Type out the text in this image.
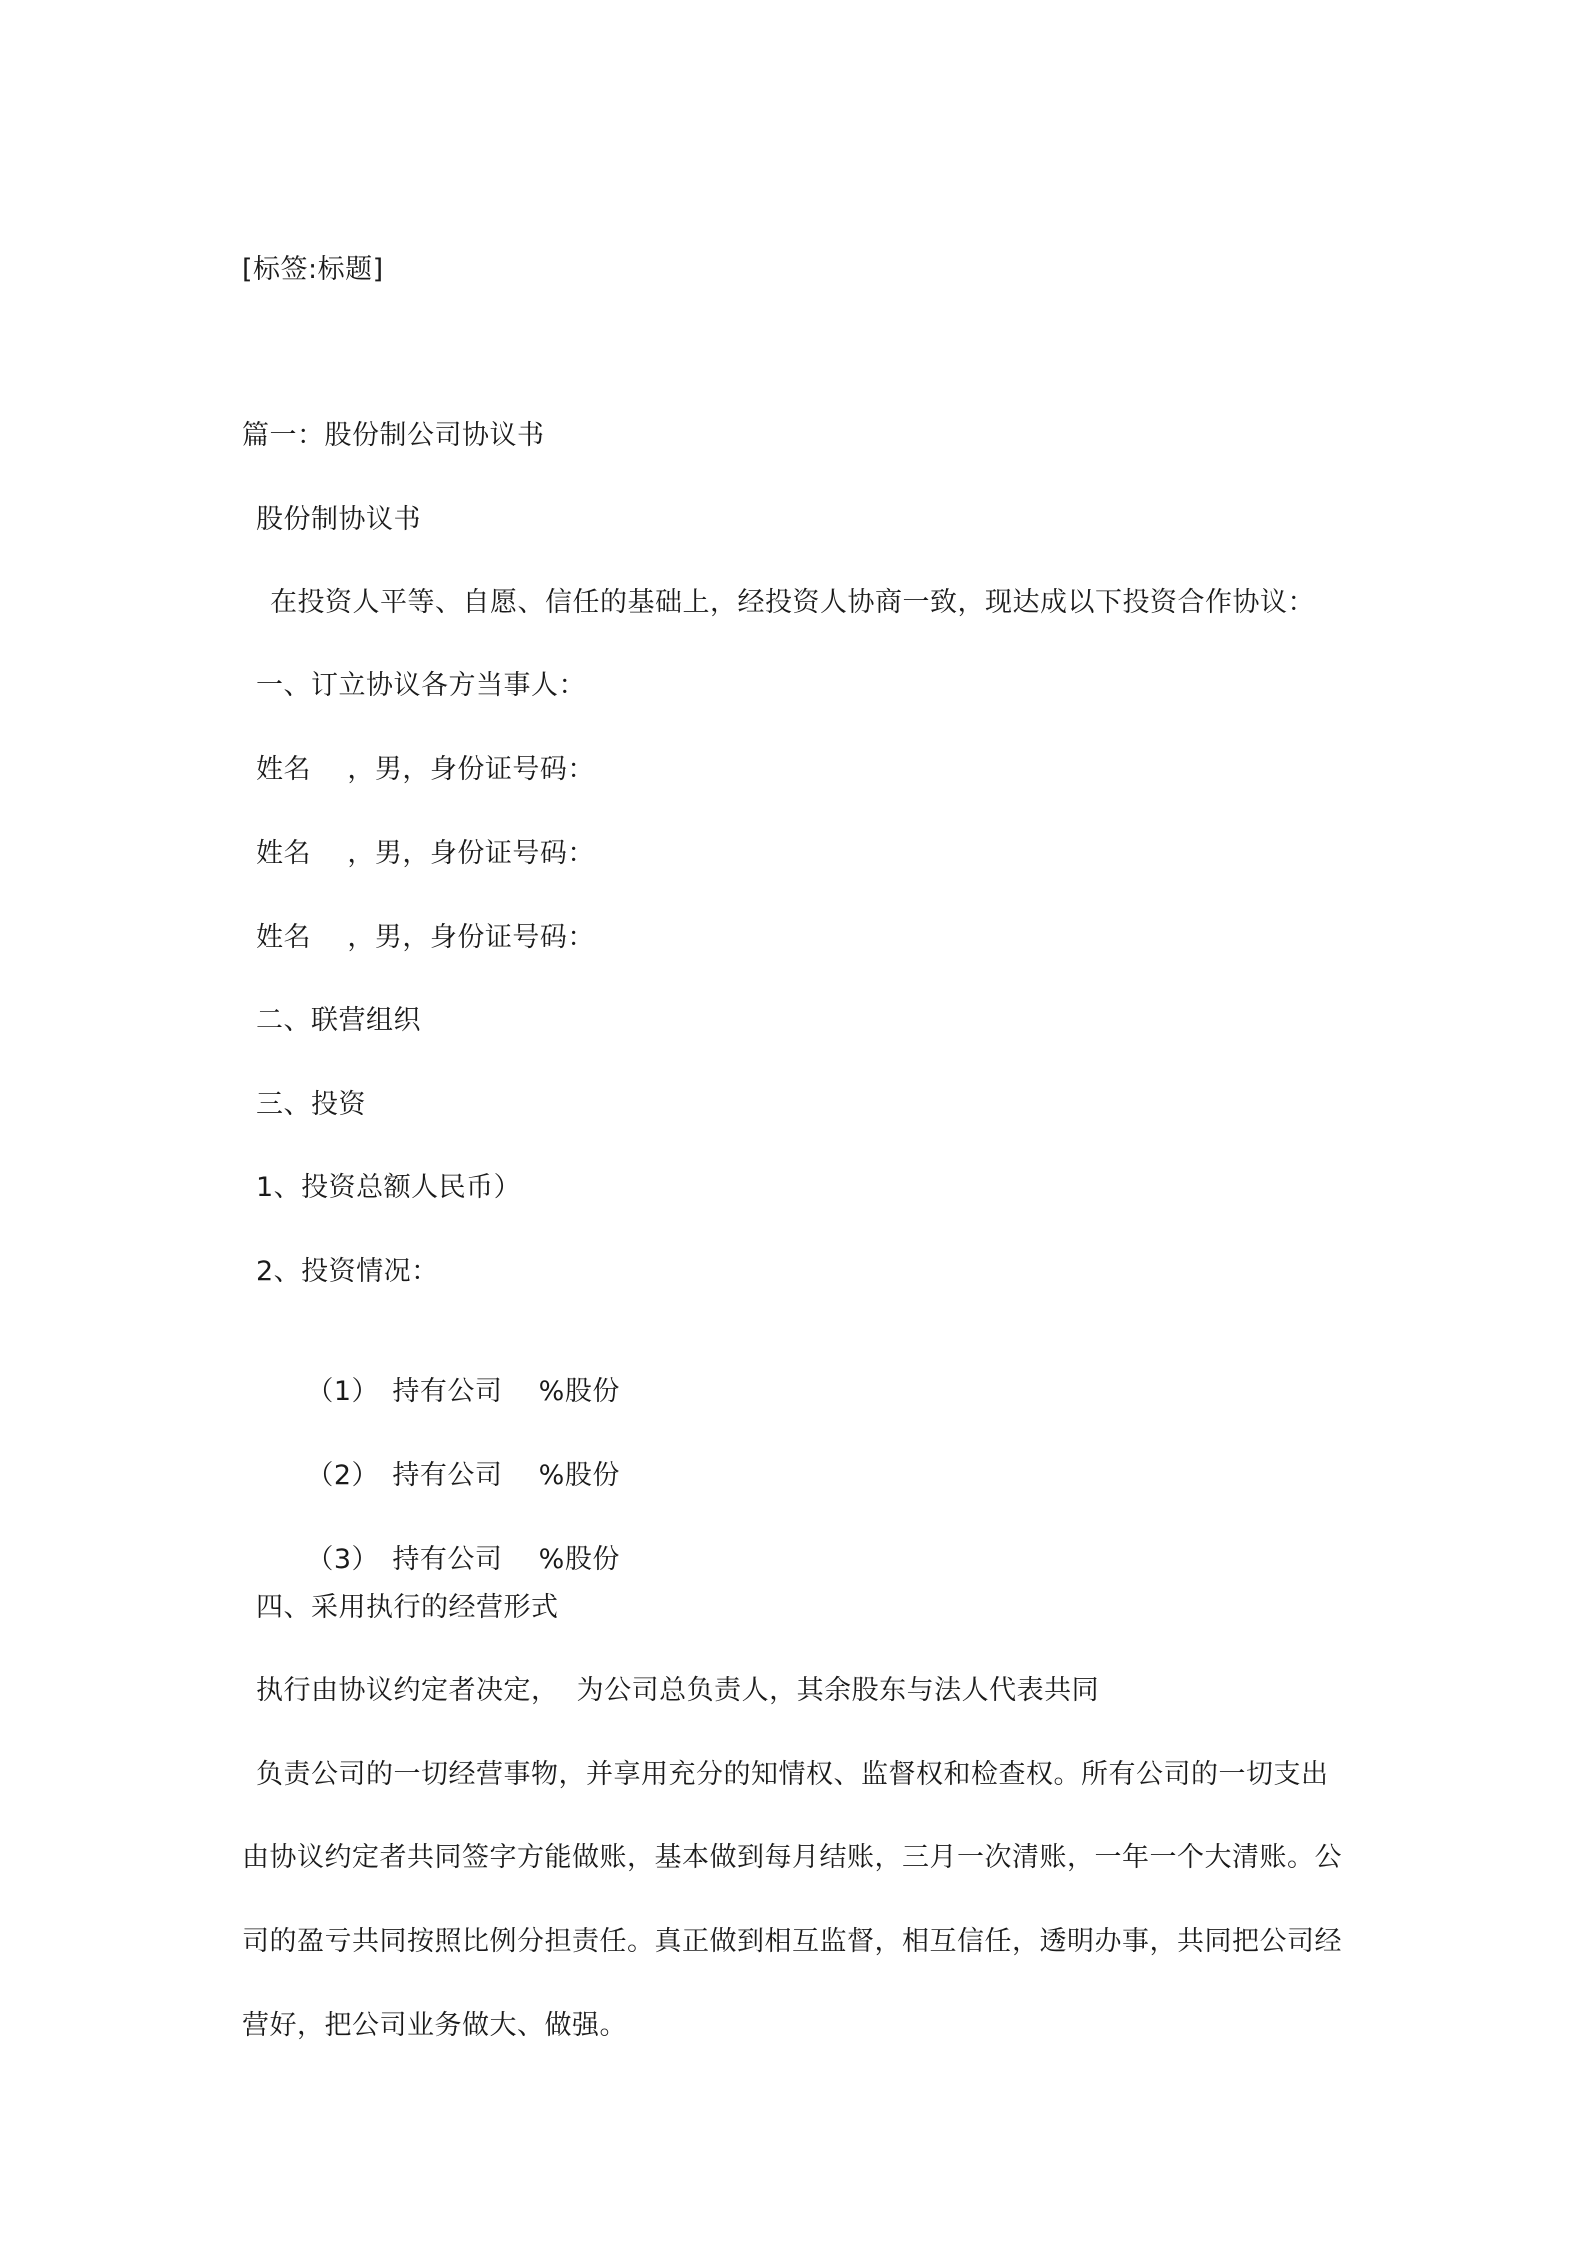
[标签:标题]
篇一：股份制公司协议书
股份制协议书
在投资人平等、自愿、信任的基础上，经投资人协商一致，现达成以下投资合作协议：
一、订立协议各方当事人：
姓名    ，男，身份证号码：
姓名    ，男，身份证号码：
姓名    ，男，身份证号码：
二、联营组织
三、投资
1、投资总额人民币）
2、投资情况：

（1） 持有公司    %股份

（2） 持有公司    %股份

（3） 持有公司    %股份

四、采用执行的经营形式
执行由协议约定者决定，  为公司总负责人，其余股东与法人代表共同
负责公司的一切经营事物，并享用充分的知情权、监督权和检查权。所有公司的一切支出
由协议约定者共同签字方能做账，基本做到每月结账，三月一次清账，一年一个大清账。公
司的盈亏共同按照比例分担责任。真正做到相互监督，相互信任，透明办事，共同把公司经
营好，把公司业务做大、做强。
